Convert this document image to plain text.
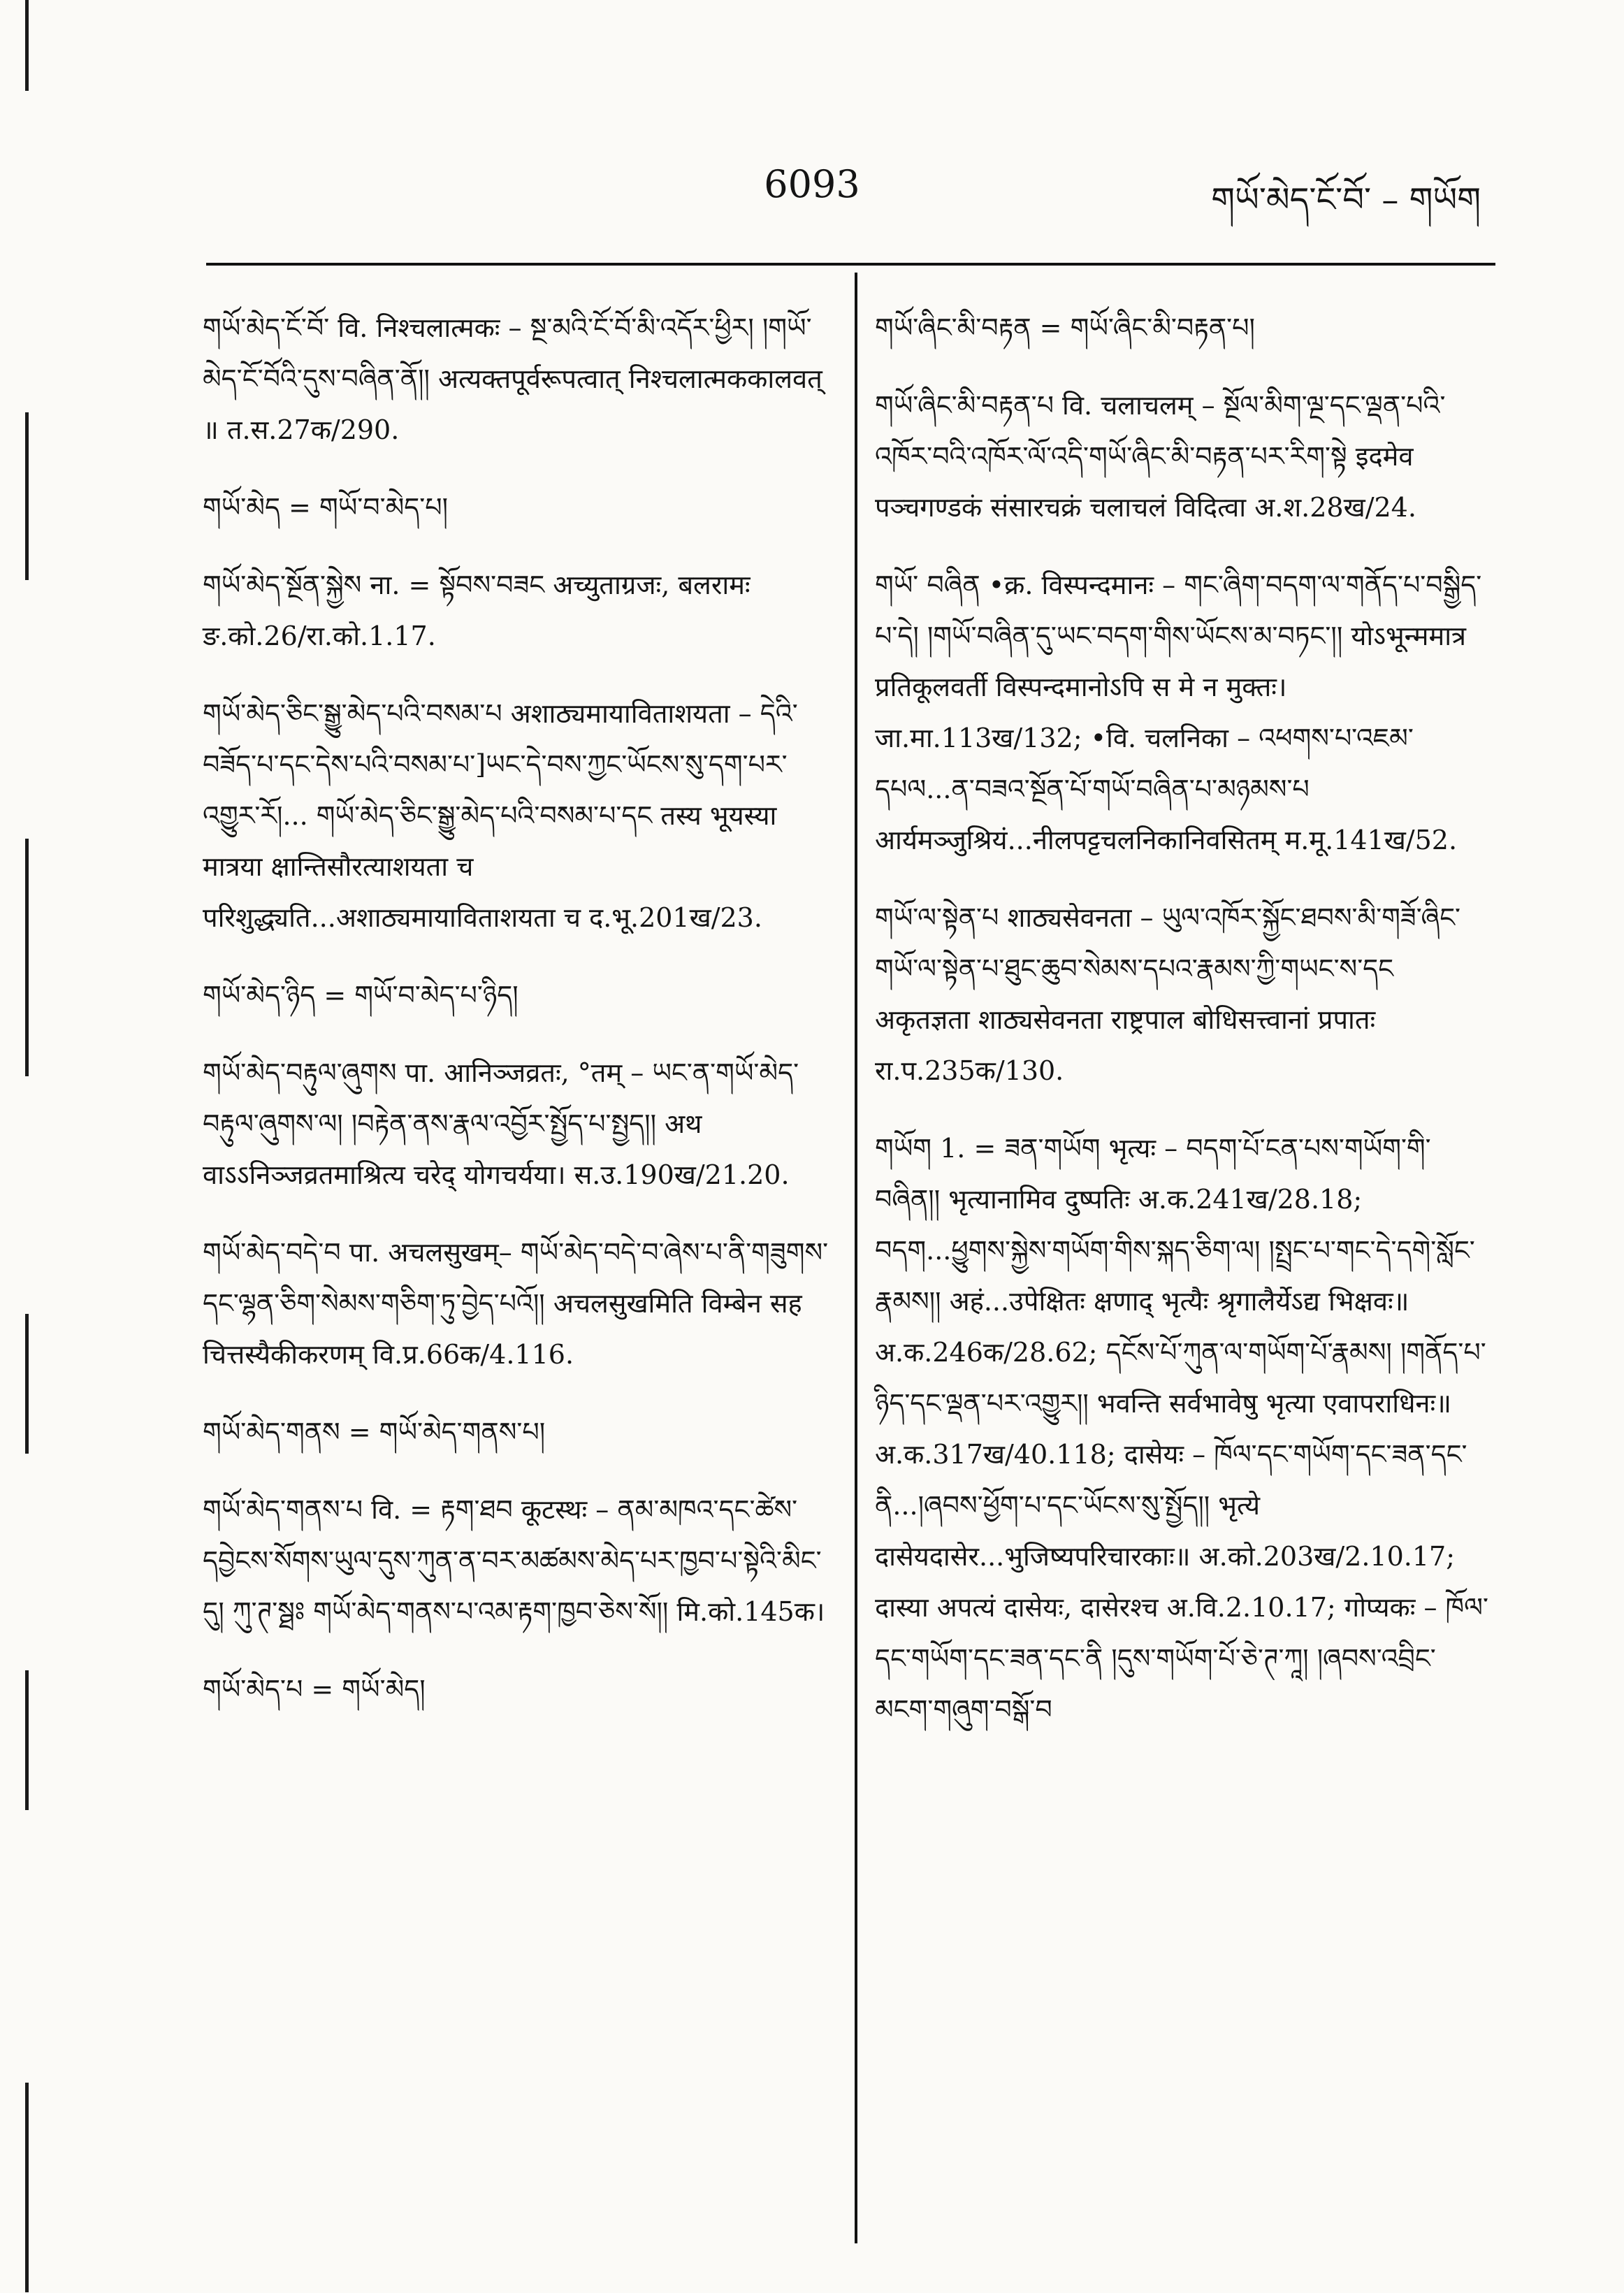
6093	གཡོ་མེད་ངོ་བོ་ – གཡོག

གཡོ་མེད་ངོ་བོ་ वि. निश्चलात्मकः – སྔ་མའི་ངོ་བོ་མི་འདོར་ཕྱིར། །གཡོ་མེད་ངོ་བོའི་དུས་བཞིན་ནོ།། अत्यक्तपूर्वरूपत्वात् निश्चलात्मककालवत् ॥ त.स.27क/290.

གཡོ་མེད = གཡོ་བ་མེད་པ།

གཡོ་མེད་སྔོན་སྐྱེས ना. = སྟོབས་བཟང अच्युताग्रजः, बलरामः ङ.को.26/रा.को.1.17.

གཡོ་མེད་ཅིང་སྒྱུ་མེད་པའི་བསམ་པ अशाठ्यमायाविताशयता – དེའི་བཟོད་པ་དང་དེས་པའི་བསམ་པ་]ཡང་དེ་བས་ཀྱང་ཡོངས་སུ་དག་པར་འགྱུར་རོ།... གཡོ་མེད་ཅིང་སྒྱུ་མེད་པའི་བསམ་པ་དང तस्य भूयस्या मात्रया क्षान्तिसौरत्याशयता च परिशुद्ध्यति...अशाठ्यमायाविताशयता च द.भू.201ख/23.

གཡོ་མེད་ཉིད = གཡོ་བ་མེད་པ་ཉིད།

གཡོ་མེད་བརྟུལ་ཞུགས पा. आनिञ्जव्रतः, °तम् – ཡང་ན་གཡོ་མེད་བརྟུལ་ཞུགས་ལ། །བརྟེན་ནས་རྣལ་འབྱོར་སྤྱོད་པ་སྤྱད།། अथ वाऽऽनिञ्जव्रतमाश्रित्य चरेद् योगचर्यया। स.उ.190ख/21.20.

གཡོ་མེད་བདེ་བ पा. अचलसुखम्– གཡོ་མེད་བདེ་བ་ཞེས་པ་ནི་གཟུགས་དང་ལྷན་ཅིག་སེམས་གཅིག་ཏུ་བྱེད་པའོ།། अचलसुखमिति विम्बेन सह चित्तस्यैकीकरणम् वि.प्र.66क/4.116.

གཡོ་མེད་གནས = གཡོ་མེད་གནས་པ།

གཡོ་མེད་གནས་པ वि. = རྟག་ཐབ कूटस्थः – ནམ་མཁའ་དང་ཚེས་དབྱེངས་སོགས་ཡུལ་དུས་ཀུན་ན་བར་མཚམས་མེད་པར་ཁྱབ་པ་སྟེའི་མིང་དུ། ཀུ་ཊ་སྠཿ གཡོ་མེད་གནས་པ་འམ་རྟག་ཁྱབ་ཅེས་སོ།། मि.को.145क।

གཡོ་མེད་པ = གཡོ་མེད།

གཡོ་ཞིང་མི་བརྟན = གཡོ་ཞིང་མི་བརྟན་པ།

གཡོ་ཞིང་མི་བརྟན་པ वि. चलाचलम् – སྔོལ་མིག་ལྔ་དང་ལྡན་པའི་འཁོར་བའི་འཁོར་ལོ་འདི་གཡོ་ཞིང་མི་བརྟན་པར་རིག་སྟེ इदमेव पञ्चगण्डकं संसारचक्रं चलाचलं विदित्वा अ.श.28ख/24.

གཡོ་ བཞིན •क्र. विस्पन्दमानः – གང་ཞིག་བདག་ལ་གནོད་པ་བསྒྱིད་པ་དེ། །གཡོ་བཞིན་དུ་ཡང་བདག་གིས་ཡོངས་མ་བཏང་།། योऽभून्ममात्र प्रतिकूलवर्ती विस्पन्दमानोऽपि स मे न मुक्तः। जा.मा.113ख/132; •वि. चलनिका – འཕགས་པ་འཇམ་དཔལ...ན་བཟའ་སྔོན་པོ་གཡོ་བཞིན་པ་མཉམས་པ आर्यमञ्जुश्रियं...नीलपट्टचलनिकानिवसितम् म.मू.141ख/52.

གཡོ་ལ་སྟེན་པ शाठ्यसेवनता – ཡུལ་འཁོར་སྐྱོང་ཐབས་མི་གཟོ་ཞིང་གཡོ་ལ་སྟེན་པ་ཐུང་ཆུབ་སེམས་དཔའ་རྣམས་ཀྱི་གཡང་ས་དང अकृतज्ञता शाठ्यसेवनता राष्ट्रपाल बोधिसत्त्वानां प्रपातः रा.प.235क/130.

གཡོག 1. = ཟན་གཡོག भृत्यः – བདག་པོ་ངན་པས་གཡོག་གི་བཞིན།། भृत्यानामिव दुष्पतिः अ.क.241ख/28.18; བདག...ཕྱུགས་སྐྱེས་གཡོག་གིས་སྐད་ཅིག་ལ། །སྤྲང་པ་གང་དེ་དགེ་སློང་རྣམས།། अहं...उपेक्षितः क्षणाद् भृत्यैः श्रृगालैर्येऽद्य भिक्षवः॥ अ.क.246क/28.62; དངོས་པོ་ཀུན་ལ་གཡོག་པོ་རྣམས། །གནོད་པ་ཉིད་དང་ལྡན་པར་འགྱུར།། भवन्ति सर्वभावेषु भृत्या एवापराधिनः॥ अ.क.317ख/40.118; दासेयः – ཁོལ་དང་གཡོག་དང་ཟན་དང་ནི...།ཞབས་ཕྱོག་པ་དང་ཡོངས་སུ་སྤྱོད།། भृत्ये दासेयदासेर...भुजिष्यपरिचारकाः॥ अ.को.203ख/2.10.17; दास्या अपत्यं दासेयः, दासेरश्च अ.वि.2.10.17; गोप्यकः – ཁོལ་དང་གཡོག་དང་ཟན་དང་ནི །དུས་གཡོག་པོ་ཅེ་ཊ་ཀཱ། །ཞབས་འབྲིང་མངག་གཞུག་བསྒོ་བ
